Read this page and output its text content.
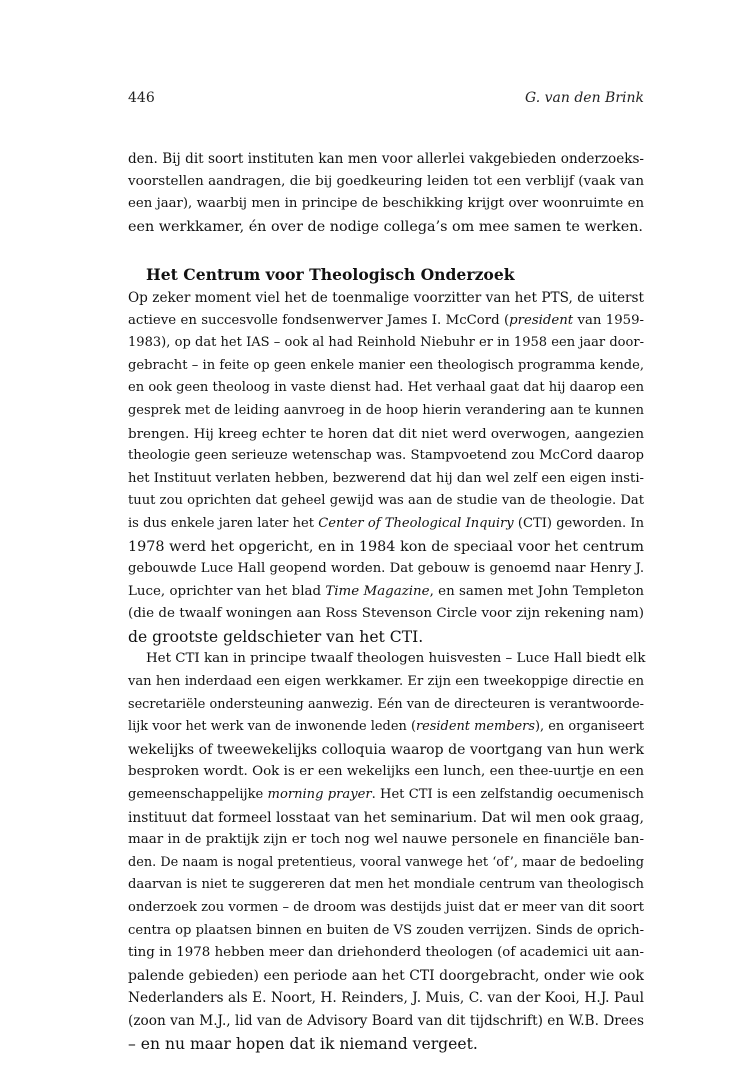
446	G. van den Brink
den. Bij dit soort instituten kan men voor allerlei vakgebieden onderzoeks-
voorstellen aandragen, die bij goedkeuring leiden tot een verblijf (vaak van
een jaar), waarbij men in principe de beschikking krijgt over woonruimte en
een werkkamer, én over de nodige collega’s om mee samen te werken.
Het Centrum voor Theologisch Onderzoek
Op zeker moment viel het de toenmalige voorzitter van het PTS, de uiterst
actieve en succesvolle fondsenwerver James I. McCord (president van 1959-
1983), op dat het IAS – ook al had Reinhold Niebuhr er in 1958 een jaar door-
gebracht – in feite op geen enkele manier een theologisch programma kende,
en ook geen theoloog in vaste dienst had. Het verhaal gaat dat hij daarop een
gesprek met de leiding aanvroeg in de hoop hierin verandering aan te kunnen
brengen. Hij kreeg echter te horen dat dit niet werd overwogen, aangezien
theologie geen serieuze wetenschap was. Stampvoetend zou McCord daarop
het Instituut verlaten hebben, bezwerend dat hij dan wel zelf een eigen insti-
tuut zou oprichten dat geheel gewijd was aan de studie van de theologie. Dat
is dus enkele jaren later het Center of Theological Inquiry (CTI) geworden. In
1978 werd het opgericht, en in 1984 kon de speciaal voor het centrum
gebouwde Luce Hall geopend worden. Dat gebouw is genoemd naar Henry J.
Luce, oprichter van het blad Time Magazine, en samen met John Templeton
(die de twaalf woningen aan Ross Stevenson Circle voor zijn rekening nam)
de grootste geldschieter van het CTI.
Het CTI kan in principe twaalf theologen huisvesten – Luce Hall biedt elk
van hen inderdaad een eigen werkkamer. Er zijn een tweekoppige directie en
secretariële ondersteuning aanwezig. Eén van de directeuren is verantwoorde-
lijk voor het werk van de inwonende leden (resident members), en organiseert
wekelijks of tweewekelijks colloquia waarop de voortgang van hun werk
besproken wordt. Ook is er een wekelijks een lunch, een thee-uurtje en een
gemeenschappelijke morning prayer. Het CTI is een zelfstandig oecumenisch
instituut dat formeel losstaat van het seminarium. Dat wil men ook graag,
maar in de praktijk zijn er toch nog wel nauwe personele en financiële ban-
den. De naam is nogal pretentieus, vooral vanwege het ‘of’, maar de bedoeling
daarvan is niet te suggereren dat men het mondiale centrum van theologisch
onderzoek zou vormen – de droom was destijds juist dat er meer van dit soort
centra op plaatsen binnen en buiten de VS zouden verrijzen. Sinds de oprich-
ting in 1978 hebben meer dan driehonderd theologen (of academici uit aan-
palende gebieden) een periode aan het CTI doorgebracht, onder wie ook
Nederlanders als E. Noort, H. Reinders, J. Muis, C. van der Kooi, H.J. Paul
(zoon van M.J., lid van de Advisory Board van dit tijdschrift) en W.B. Drees
– en nu maar hopen dat ik niemand vergeet.
